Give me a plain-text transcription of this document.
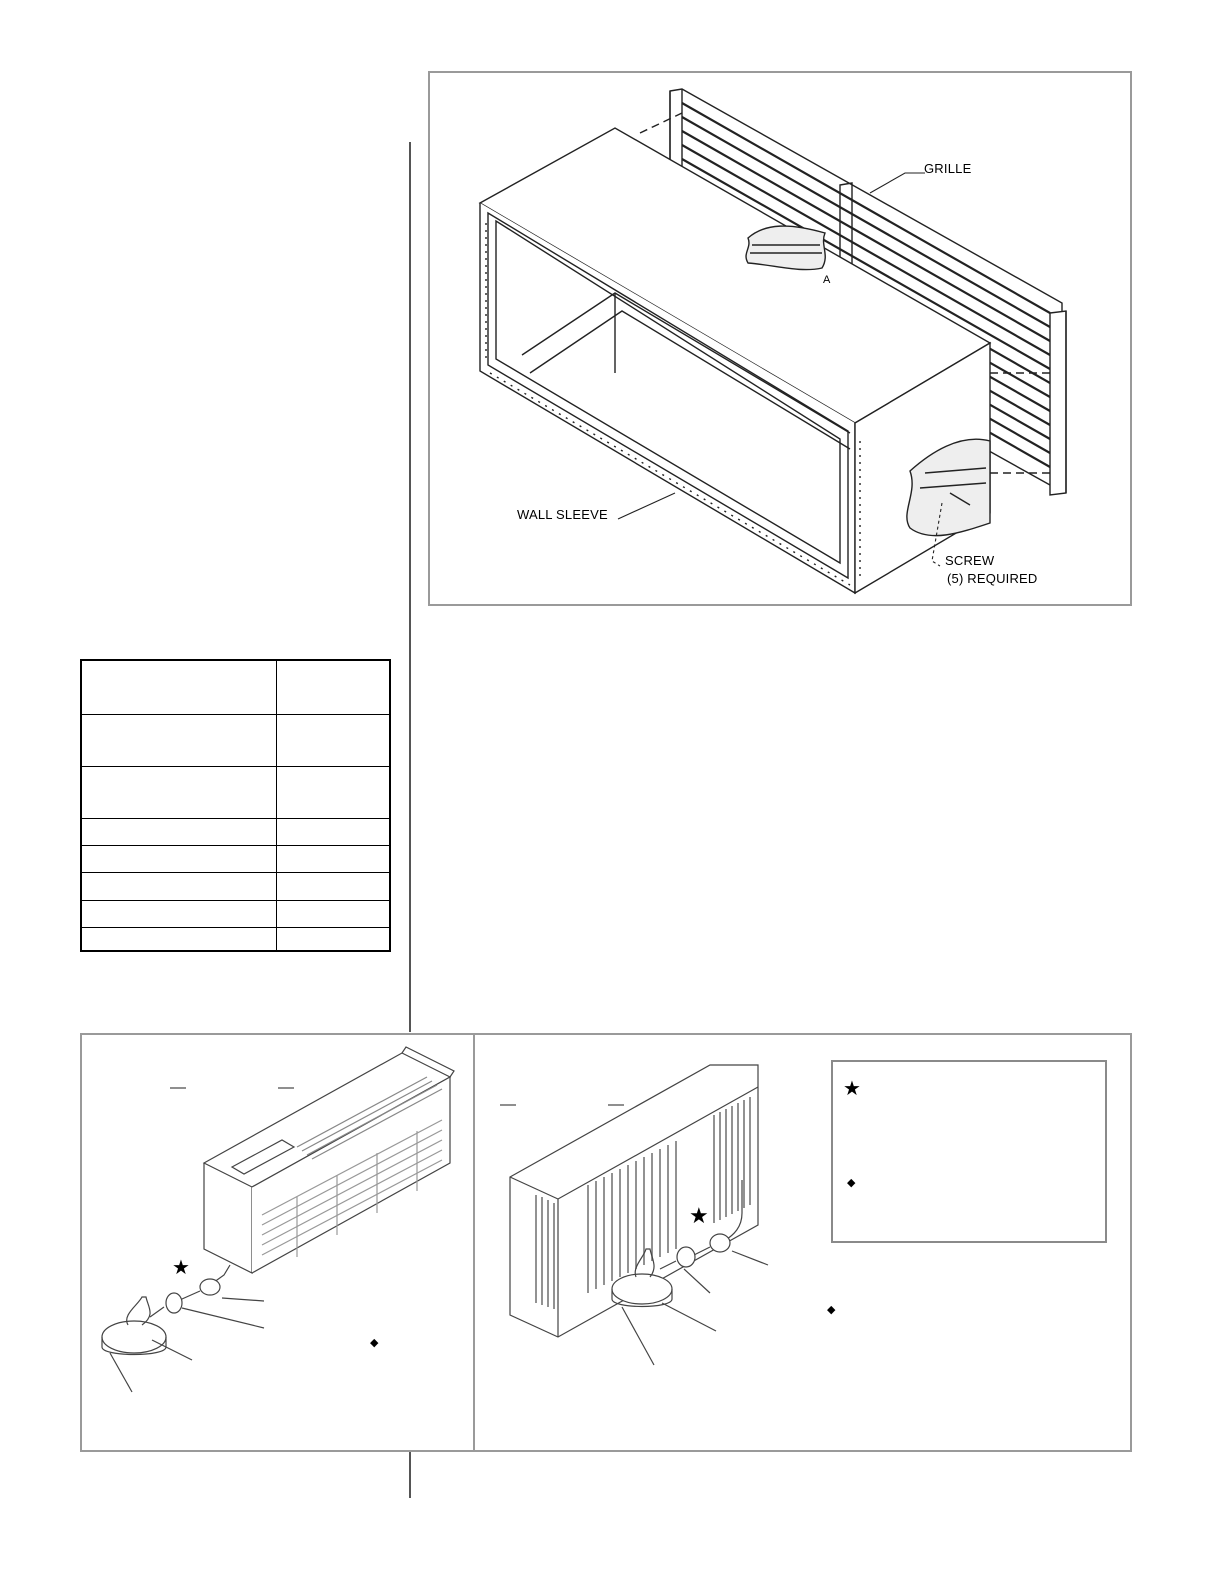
GRILLE
A
WALL SLEEVE
SCREW
(5) REQUIRED

★
◆
★
◆
★
◆
